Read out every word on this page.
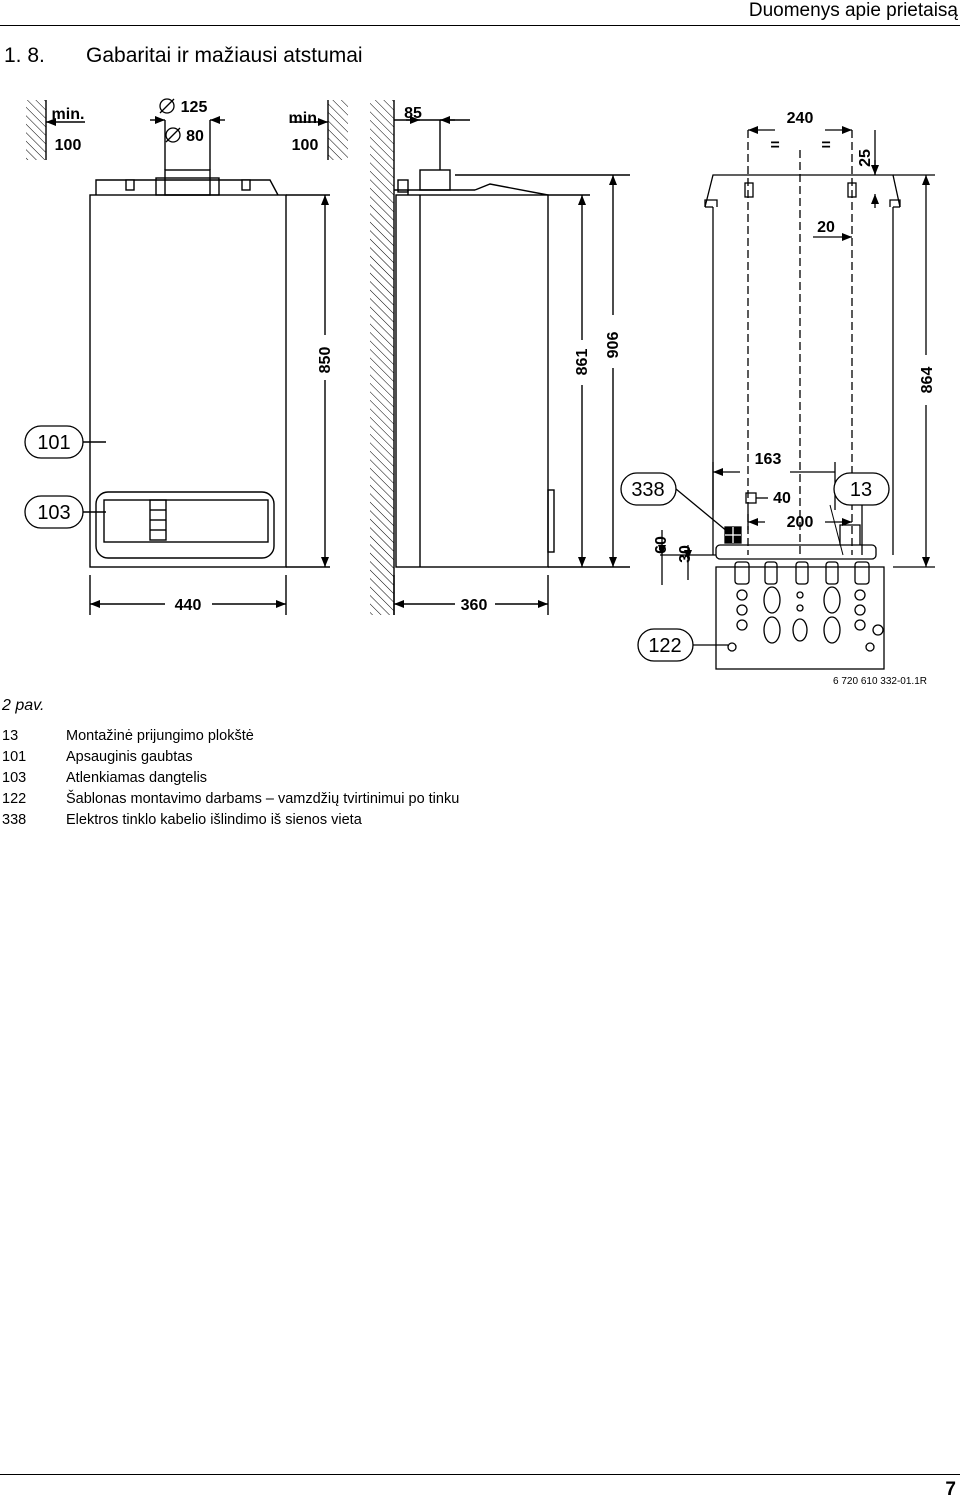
Duomenys apie prietaisą
1. 8. Gabaritai ir mažiausi atstumai
min.
100
min.
100
125
80
850
440
85
861
906
360
240
=	=
25
20
864
163
40
200
60
30
101
103
338	13
122
6 720 610 332-01.1R
2 pav.
13	Montažinė prijungimo plokštė
101	Apsauginis gaubtas
103	Atlenkiamas dangtelis
122	Šablonas montavimo darbams – vamzdžių tvirtinimui po tinku
338	Elektros tinklo kabelio išlindimo iš sienos vieta
7
